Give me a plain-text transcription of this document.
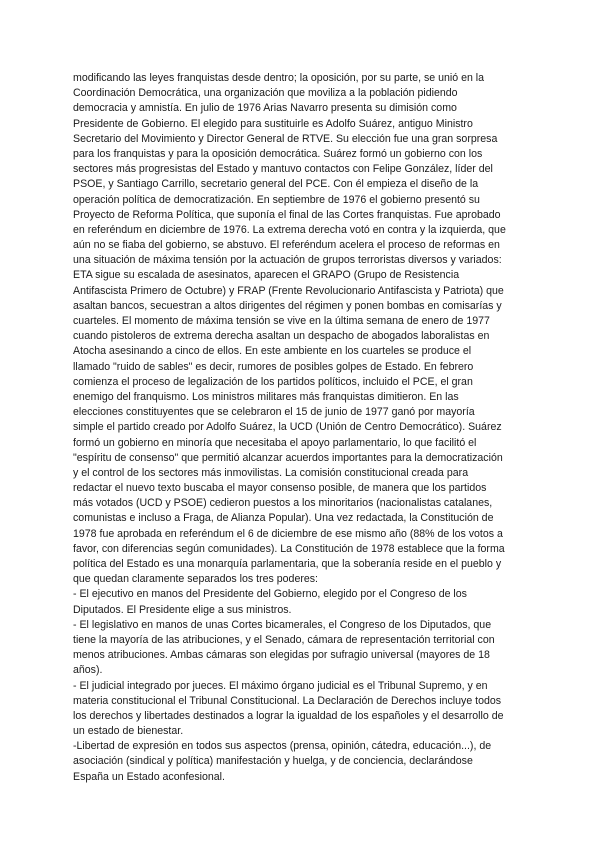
modificando las leyes franquistas desde dentro; la oposición, por su parte, se unió en la
Coordinación Democrática, una organización que moviliza a la población pidiendo
democracia y amnistía. En julio de 1976 Arias Navarro presenta su dimisión como
Presidente de Gobierno. El elegido para sustituirle es Adolfo Suárez, antiguo Ministro
Secretario del Movimiento y Director General de RTVE. Su elección fue una gran sorpresa
para los franquistas y para la oposición democrática. Suárez formó un gobierno con los
sectores más progresistas del Estado y mantuvo contactos con Felipe González, líder del
PSOE, y Santiago Carrillo, secretario general del PCE. Con él empieza el diseño de la
operación política de democratización. En septiembre de 1976 el gobierno presentó su
Proyecto de Reforma Política, que suponía el final de las Cortes franquistas. Fue aprobado
en referéndum en diciembre de 1976. La extrema derecha votó en contra y la izquierda, que
aún no se fiaba del gobierno, se abstuvo. El referéndum acelera el proceso de reformas en
una situación de máxima tensión por la actuación de grupos terroristas diversos y variados:
ETA sigue su escalada de asesinatos, aparecen el GRAPO (Grupo de Resistencia
Antifascista Primero de Octubre) y FRAP (Frente Revolucionario Antifascista y Patriota) que
asaltan bancos, secuestran a altos dirigentes del régimen y ponen bombas en comisarías y
cuarteles. El momento de máxima tensión se vive en la última semana de enero de 1977
cuando pistoleros de extrema derecha asaltan un despacho de abogados laboralistas en
Atocha asesinando a cinco de ellos. En este ambiente en los cuarteles se produce el
llamado "ruido de sables" es decir, rumores de posibles golpes de Estado. En febrero
comienza el proceso de legalización de los partidos políticos, incluido el PCE, el gran
enemigo del franquismo. Los ministros militares más franquistas dimitieron. En las
elecciones constituyentes que se celebraron el 15 de junio de 1977 ganó por mayoría
simple el partido creado por Adolfo Suárez, la UCD (Unión de Centro Democrático). Suárez
formó un gobierno en minoría que necesitaba el apoyo parlamentario, lo que facilitó el
"espíritu de consenso" que permitió alcanzar acuerdos importantes para la democratización
y el control de los sectores más inmovilistas. La comisión constitucional creada para
redactar el nuevo texto buscaba el mayor consenso posible, de manera que los partidos
más votados (UCD y PSOE) cedieron puestos a los minoritarios (nacionalistas catalanes,
comunistas e incluso a Fraga, de Alianza Popular). Una vez redactada, la Constitución de
1978 fue aprobada en referéndum el 6 de diciembre de ese mismo año (88% de los votos a
favor, con diferencias según comunidades). La Constitución de 1978 establece que la forma
política del Estado es una monarquía parlamentaria, que la soberanía reside en el pueblo y
que quedan claramente separados los tres poderes:
- El ejecutivo en manos del Presidente del Gobierno, elegido por el Congreso de los
Diputados. El Presidente elige a sus ministros.
- El legislativo en manos de unas Cortes bicamerales, el Congreso de los Diputados, que
tiene la mayoría de las atribuciones, y el Senado, cámara de representación territorial con
menos atribuciones. Ambas cámaras son elegidas por sufragio universal (mayores de 18
años).
- El judicial integrado por jueces. El máximo órgano judicial es el Tribunal Supremo, y en
materia constitucional el Tribunal Constitucional. La Declaración de Derechos incluye todos
los derechos y libertades destinados a lograr la igualdad de los españoles y el desarrollo de
un estado de bienestar.
-Libertad de expresión en todos sus aspectos (prensa, opinión, cátedra, educación...), de
asociación (sindical y política) manifestación y huelga, y de conciencia, declarándose
España un Estado aconfesional.
